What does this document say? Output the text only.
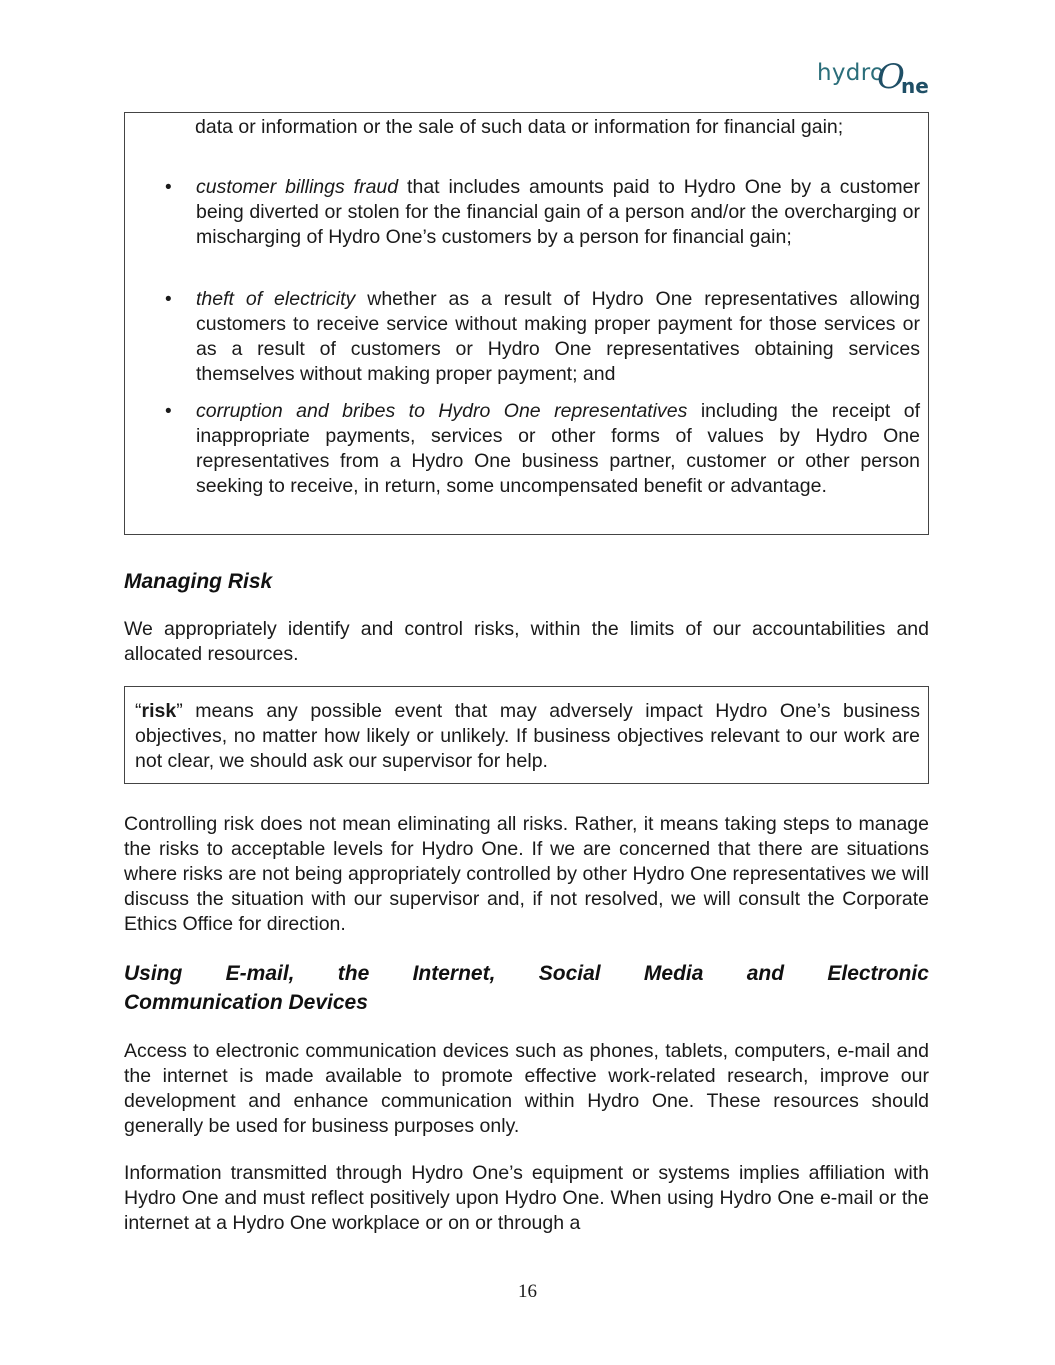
hydro
O
ne

data or information or the sale of such data or information for financial gain;

• customer billings fraud that includes amounts paid to Hydro One by a customer being diverted or stolen for the financial gain of a person and/or the overcharging or mischarging of Hydro One’s customers by a person for financial gain;

• theft of electricity whether as a result of Hydro One representatives allowing customers to receive service without making proper payment for those services or as a result of customers or Hydro One representatives obtaining services themselves without making proper payment; and

• corruption and bribes to Hydro One representatives including the receipt of inappropriate payments, services or other forms of values by Hydro One representatives from a Hydro One business partner, customer or other person seeking to receive, in return, some uncompensated benefit or advantage.

Managing Risk

We appropriately identify and control risks, within the limits of our accountabilities and allocated resources.

“risk” means any possible event that may adversely impact Hydro One’s business objectives, no matter how likely or unlikely. If business objectives relevant to our work are not clear, we should ask our supervisor for help.

Controlling risk does not mean eliminating all risks. Rather, it means taking steps to manage the risks to acceptable levels for Hydro One. If we are concerned that there are situations where risks are not being appropriately controlled by other Hydro One representatives we will discuss the situation with our supervisor and, if not resolved, we will consult the Corporate Ethics Office for direction.

Using E-mail, the Internet, Social Media and Electronic
Communication Devices

Access to electronic communication devices such as phones, tablets, computers, e-mail and the internet is made available to promote effective work-related research, improve our development and enhance communication within Hydro One. These resources should generally be used for business purposes only.

Information transmitted through Hydro One’s equipment or systems implies affiliation with Hydro One and must reflect positively upon Hydro One. When using Hydro One e-mail or the internet at a Hydro One workplace or on or through a

16
